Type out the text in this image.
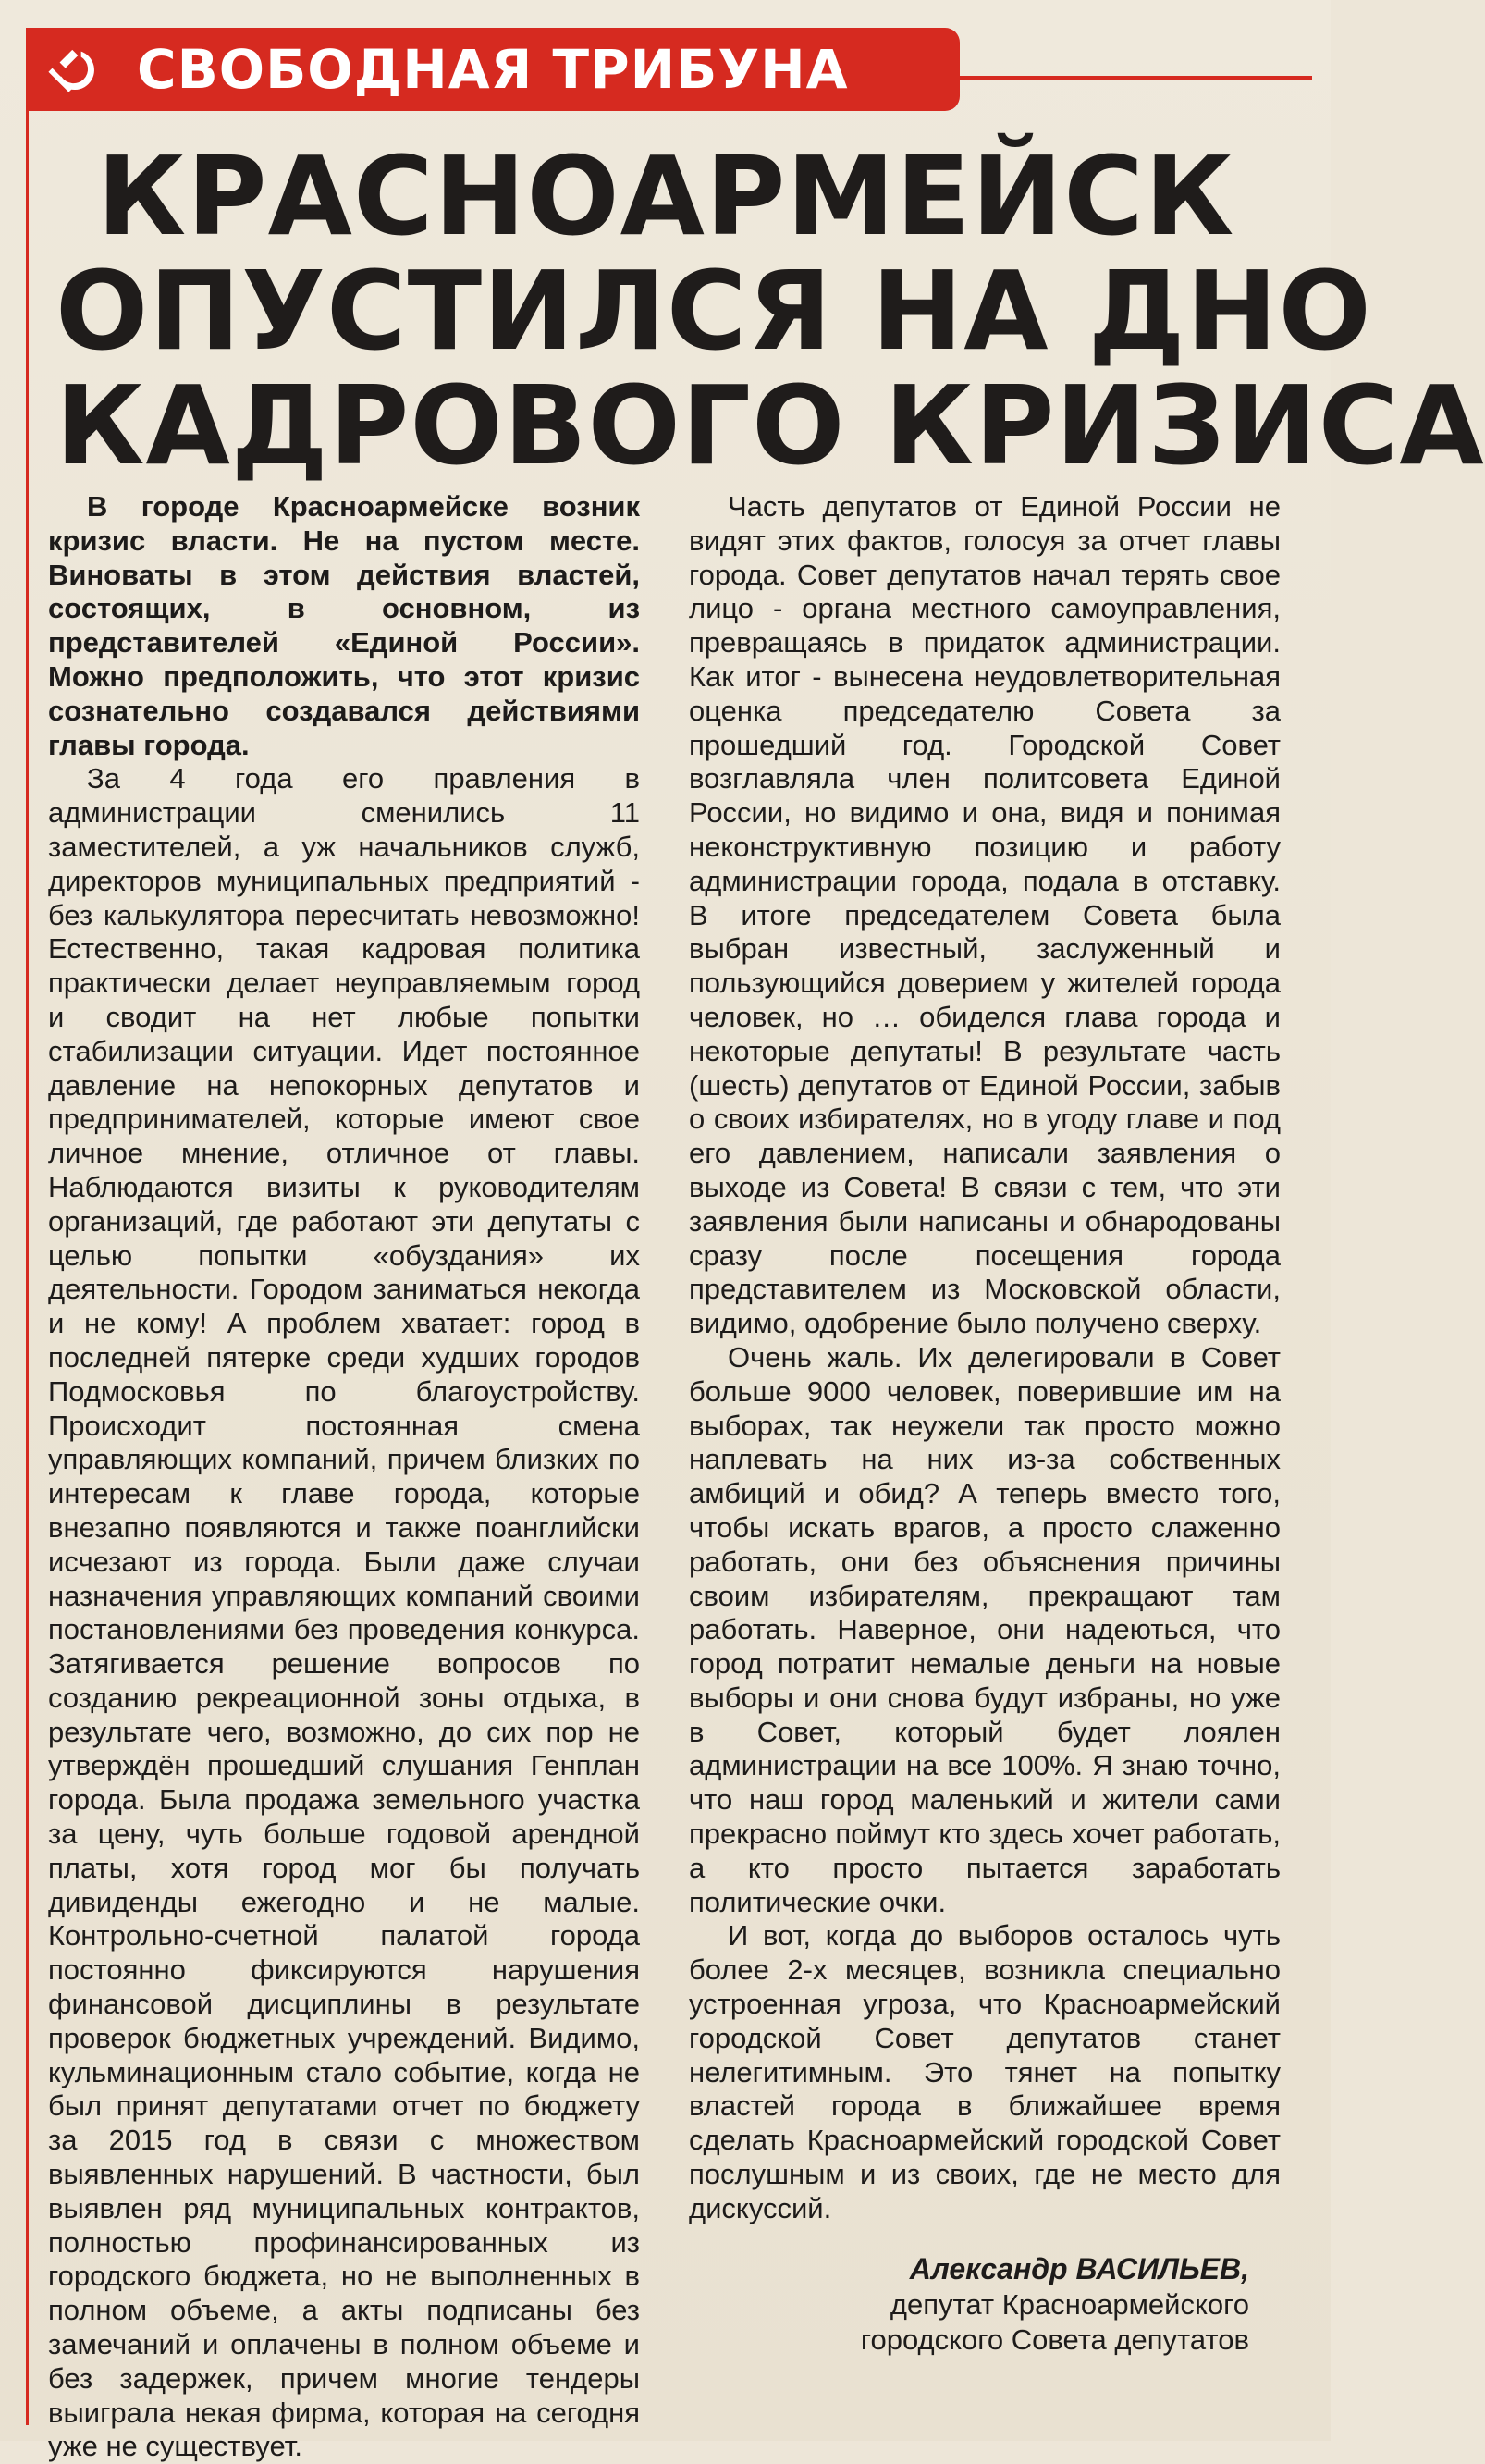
СВОБОДНАЯ ТРИБУНА
КРАСНОАРМЕЙСК
ОПУСТИЛСЯ НА ДНО
КАДРОВОГО КРИЗИСА

В городе Красноармейске возник кризис власти. Не на пустом месте. Виноваты в этом действия властей, состоящих, в основном, из представителей «Единой России». Можно предположить, что этот кризис сознательно создавался действиями главы города.

За 4 года его правления в администрации сменились 11 заместителей, а уж начальников служб, директоров муниципальных предприятий - без калькулятора пересчитать невозможно! Естественно, такая кадровая политика практически делает неуправляемым город и сводит на нет любые попытки стабилизации ситуации. Идет постоянное давление на непокорных депутатов и предпринимателей, которые имеют свое личное мнение, отличное от главы. Наблюдаются визиты к руководителям организаций, где работают эти депутаты с целью попытки «обуздания» их деятельности. Городом заниматься некогда и не кому! А проблем хватает: город в последней пятерке среди худших городов Подмосковья по благоустройству. Происходит постоянная смена управляющих компаний, причем близких по интересам к главе города, которые внезапно появляются и также поанглийски исчезают из города. Были даже случаи назначения управляющих компаний своими постановлениями без проведения конкурса. Затягивается решение вопросов по созданию рекреационной зоны отдыха, в результате чего, возможно, до сих пор не утверждён прошедший слушания Генплан города. Была продажа земельного участка за цену, чуть больше годовой арендной платы, хотя город мог бы получать дивиденды ежегодно и не малые. Контрольно-счетной палатой города постоянно фиксируются нарушения финансовой дисциплины в результате проверок бюджетных учреждений. Видимо, кульминационным стало событие, когда не был принят депутатами отчет по бюджету за 2015 год в связи с множеством выявленных нарушений. В частности, был выявлен ряд муниципальных контрактов, полностью профинансированных из городского бюджета, но не выполненных в полном объеме, а акты подписаны без замечаний и оплачены в полном объеме и без задержек, причем многие тендеры выиграла некая фирма, которая на сегодня уже не существует.

Часть депутатов от Единой России не видят этих фактов, голосуя за отчет главы города. Совет депутатов начал терять свое лицо - органа местного самоуправления, превращаясь в придаток администрации. Как итог - вынесена неудовлетворительная оценка председателю Совета за прошедший год. Городской Совет возглавляла член политсовета Единой России, но видимо и она, видя и понимая неконструктивную позицию и работу администрации города, подала в отставку. В итоге председателем Совета была выбран известный, заслуженный и пользующийся доверием у жителей города человек, но … обиделся глава города и некоторые депутаты! В результате часть (шесть) депутатов от Единой России, забыв о своих избирателях, но в угоду главе и под его давлением, написали заявления о выходе из Совета! В связи с тем, что эти заявления были написаны и обнародованы сразу после посещения города представителем из Московской области, видимо, одобрение было получено сверху.

Очень жаль. Их делегировали в Совет больше 9000 человек, поверившие им на выборах, так неужели так просто можно наплевать на них из-за собственных амбиций и обид? А теперь вместо того, чтобы искать врагов, а просто слаженно работать, они без объяснения причины своим избирателям, прекращают там работать. Наверное, они надеються, что город потратит немалые деньги на новые выборы и они снова будут избраны, но уже в Совет, который будет лоялен администрации на все 100%. Я знаю точно, что наш город маленький и жители сами прекрасно поймут кто здесь хочет работать, а кто просто пытается заработать политические очки.

И вот, когда до выборов осталось чуть более 2-х месяцев, возникла специально устроенная угроза, что Красноармейский городской Совет депутатов станет нелегитимным. Это тянет на попытку властей города в ближайшее время сделать Красноармейский городской Совет послушным и из своих, где не место для дискуссий.

Александр ВАСИЛЬЕВ,
депутат Красноармейского
городского Совета депутатов
